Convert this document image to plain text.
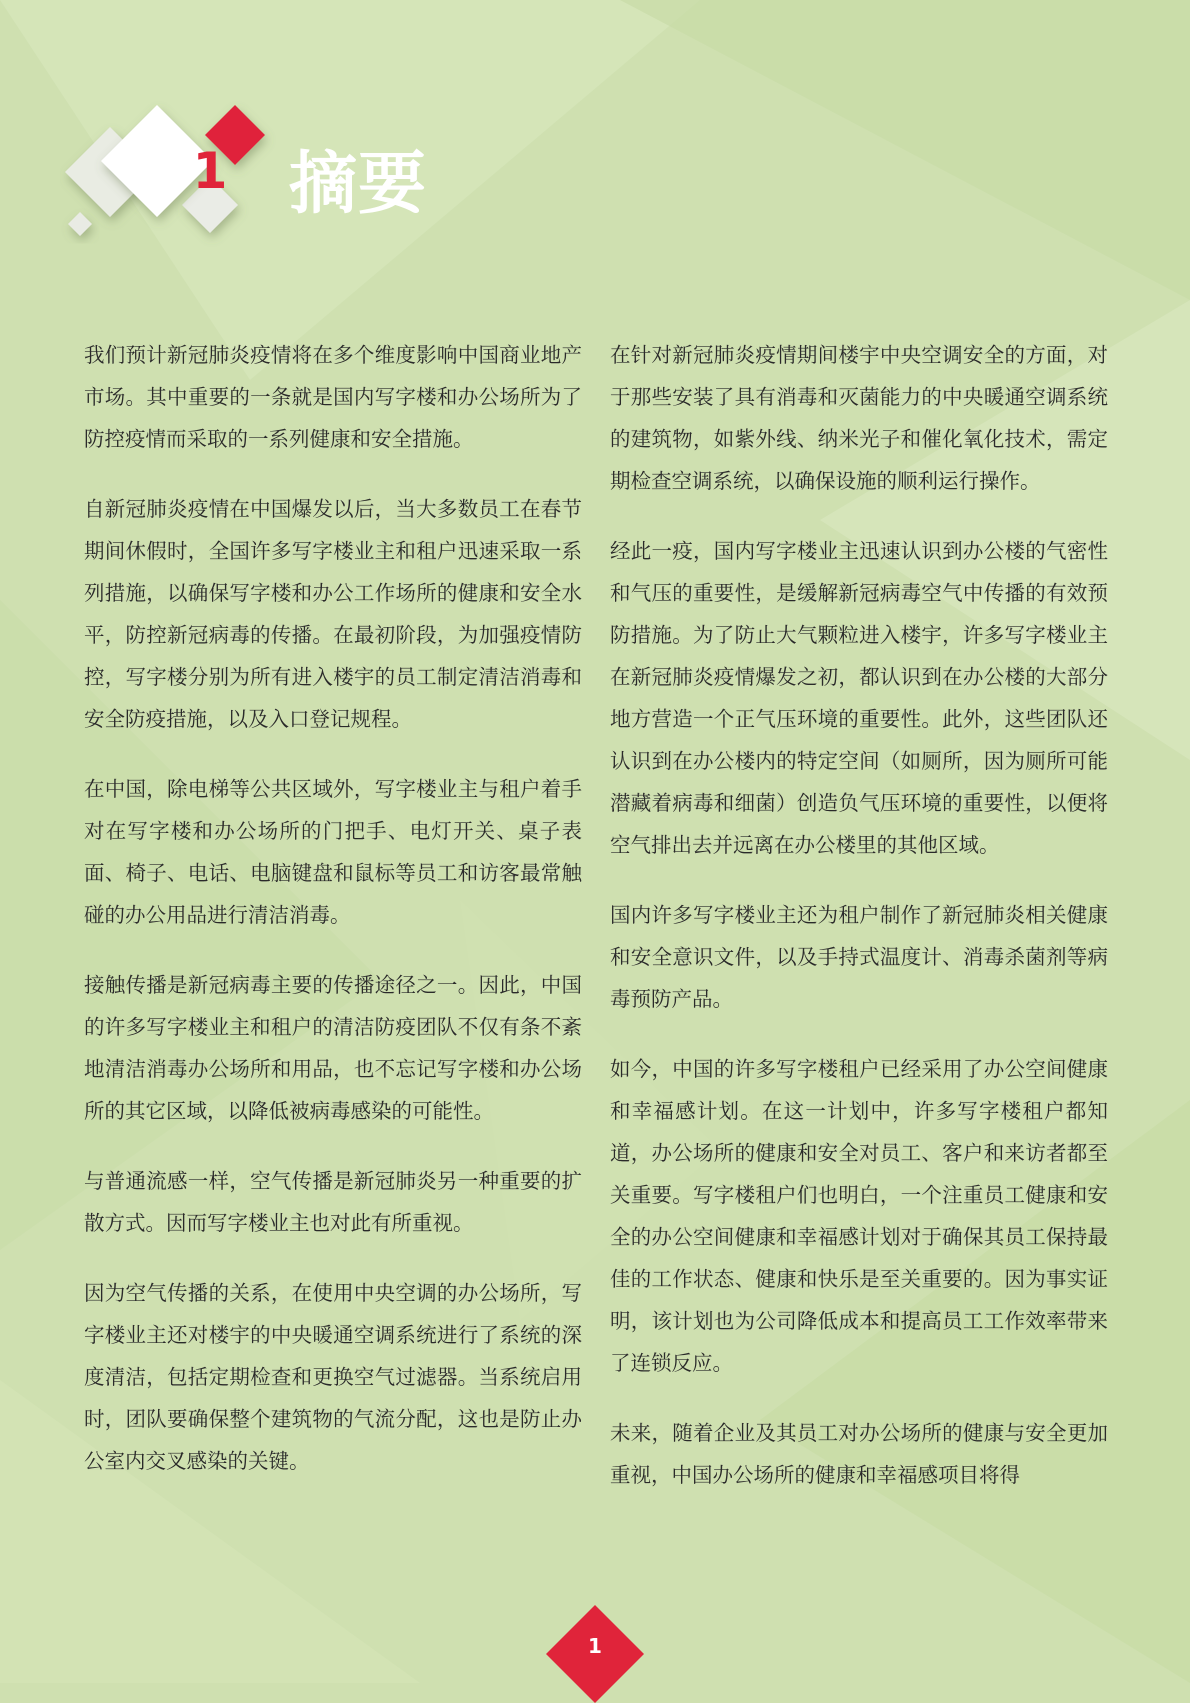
1 摘要

我们预计新冠肺炎疫情将在多个维度影响中国商业地产市场。其中重要的一条就是国内写字楼和办公场所为了防控疫情而采取的一系列健康和安全措施。

自新冠肺炎疫情在中国爆发以后，当大多数员工在春节期间休假时，全国许多写字楼业主和租户迅速采取一系列措施，以确保写字楼和办公工作场所的健康和安全水平，防控新冠病毒的传播。在最初阶段，为加强疫情防控，写字楼分别为所有进入楼宇的员工制定清洁消毒和安全防疫措施，以及入口登记规程。

在中国，除电梯等公共区域外，写字楼业主与租户着手对在写字楼和办公场所的门把手、电灯开关、桌子表面、椅子、电话、电脑键盘和鼠标等员工和访客最常触碰的办公用品进行清洁消毒。

接触传播是新冠病毒主要的传播途径之一。因此，中国的许多写字楼业主和租户的清洁防疫团队不仅有条不紊地清洁消毒办公场所和用品，也不忘记写字楼和办公场所的其它区域，以降低被病毒感染的可能性。

与普通流感一样，空气传播是新冠肺炎另一种重要的扩散方式。因而写字楼业主也对此有所重视。

因为空气传播的关系，在使用中央空调的办公场所，写字楼业主还对楼宇的中央暖通空调系统进行了系统的深度清洁，包括定期检查和更换空气过滤器。当系统启用时，团队要确保整个建筑物的气流分配，这也是防止办公室内交叉感染的关键。

在针对新冠肺炎疫情期间楼宇中央空调安全的方面，对于那些安装了具有消毒和灭菌能力的中央暖通空调系统的建筑物，如紫外线、纳米光子和催化氧化技术，需定期检查空调系统，以确保设施的顺利运行操作。

经此一疫，国内写字楼业主迅速认识到办公楼的气密性和气压的重要性，是缓解新冠病毒空气中传播的有效预防措施。为了防止大气颗粒进入楼宇，许多写字楼业主在新冠肺炎疫情爆发之初，都认识到在办公楼的大部分地方营造一个正气压环境的重要性。此外，这些团队还认识到在办公楼内的特定空间（如厕所，因为厕所可能潜藏着病毒和细菌）创造负气压环境的重要性，以便将空气排出去并远离在办公楼里的其他区域。

国内许多写字楼业主还为租户制作了新冠肺炎相关健康和安全意识文件，以及手持式温度计、消毒杀菌剂等病毒预防产品。

如今，中国的许多写字楼租户已经采用了办公空间健康和幸福感计划。在这一计划中，许多写字楼租户都知道，办公场所的健康和安全对员工、客户和来访者都至关重要。写字楼租户们也明白，一个注重员工健康和安全的办公空间健康和幸福感计划对于确保其员工保持最佳的工作状态、健康和快乐是至关重要的。因为事实证明，该计划也为公司降低成本和提高员工工作效率带来了连锁反应。

未来，随着企业及其员工对办公场所的健康与安全更加重视，中国办公场所的健康和幸福感项目将得

1
